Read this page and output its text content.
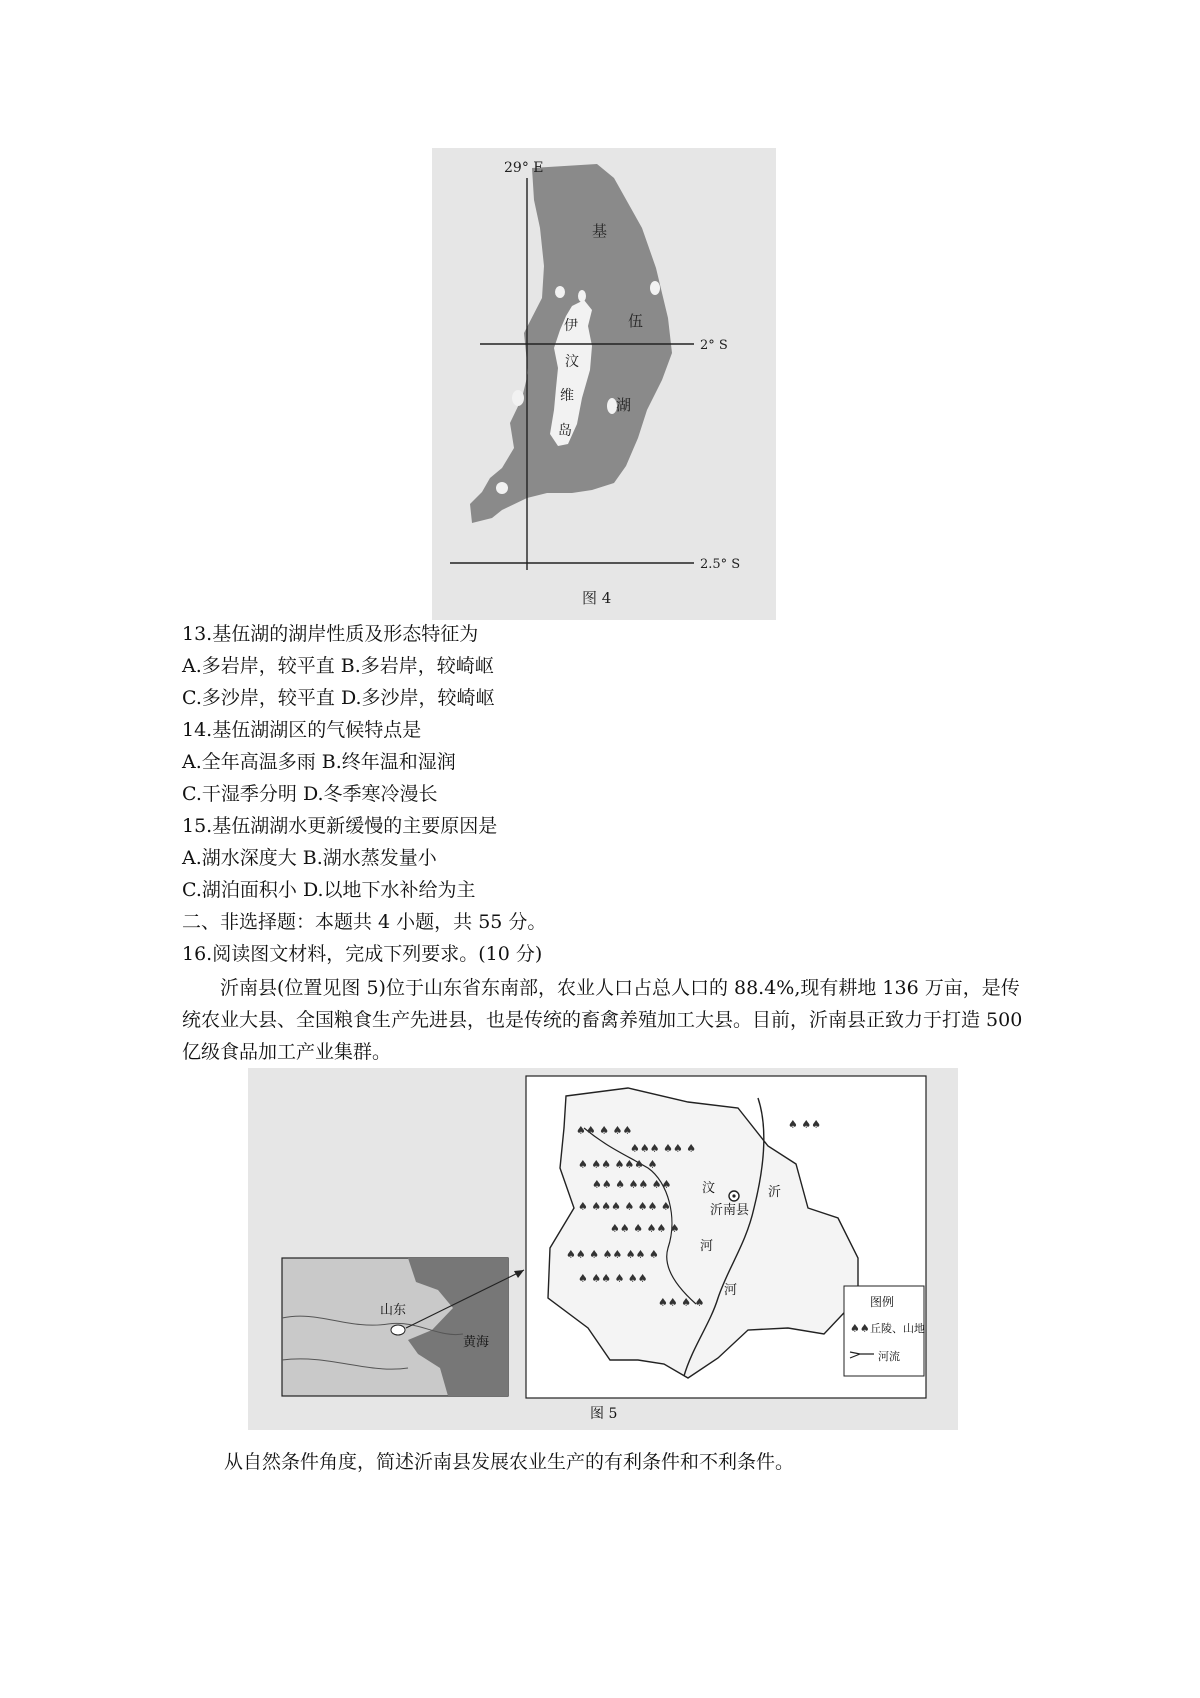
29° E
2° S
2.5° S
基
伍
湖
伊
汶
维
岛
图 4
13.基伍湖的湖岸性质及形态特征为
A.多岩岸，较平直 B.多岩岸，较崎岖
C.多沙岸，较平直 D.多沙岸，较崎岖
14.基伍湖湖区的气候特点是
A.全年高温多雨 B.终年温和湿润
C.干湿季分明 D.冬季寒冷漫长
15.基伍湖湖水更新缓慢的主要原因是
A.湖水深度大 B.湖水蒸发量小
C.湖泊面积小 D.以地下水补给为主
二、非选择题：本题共 4 小题，共 55 分。
16.阅读图文材料，完成下列要求。(10 分)
沂南县(位置见图 5)位于山东省东南部，农业人口占总人口的 88.4%,现有耕地 136 万亩，是传统农业大县、全国粮食生产先进县，也是传统的畜禽养殖加工大县。目前，沂南县正致力于打造 500 亿级食品加工产业集群。
山东
黄海
♠♠ ♠ ♠♠
♠♠♠ ♠♠ ♠
♠ ♠♠ ♠♠♠ ♠
♠♠ ♠ ♠♠ ♠♠
♠ ♠♠♠ ♠ ♠♠ ♠
♠♠ ♠ ♠♠ ♠
♠♠ ♠ ♠♠ ♠♠ ♠
♠ ♠♠ ♠ ♠♠
♠♠ ♠ ♠
♠ ♠♠
沂南县
汶
河
沂
河
图例
♠♠ 丘陵、山地
河流
图 5
从自然条件角度，简述沂南县发展农业生产的有利条件和不利条件。
